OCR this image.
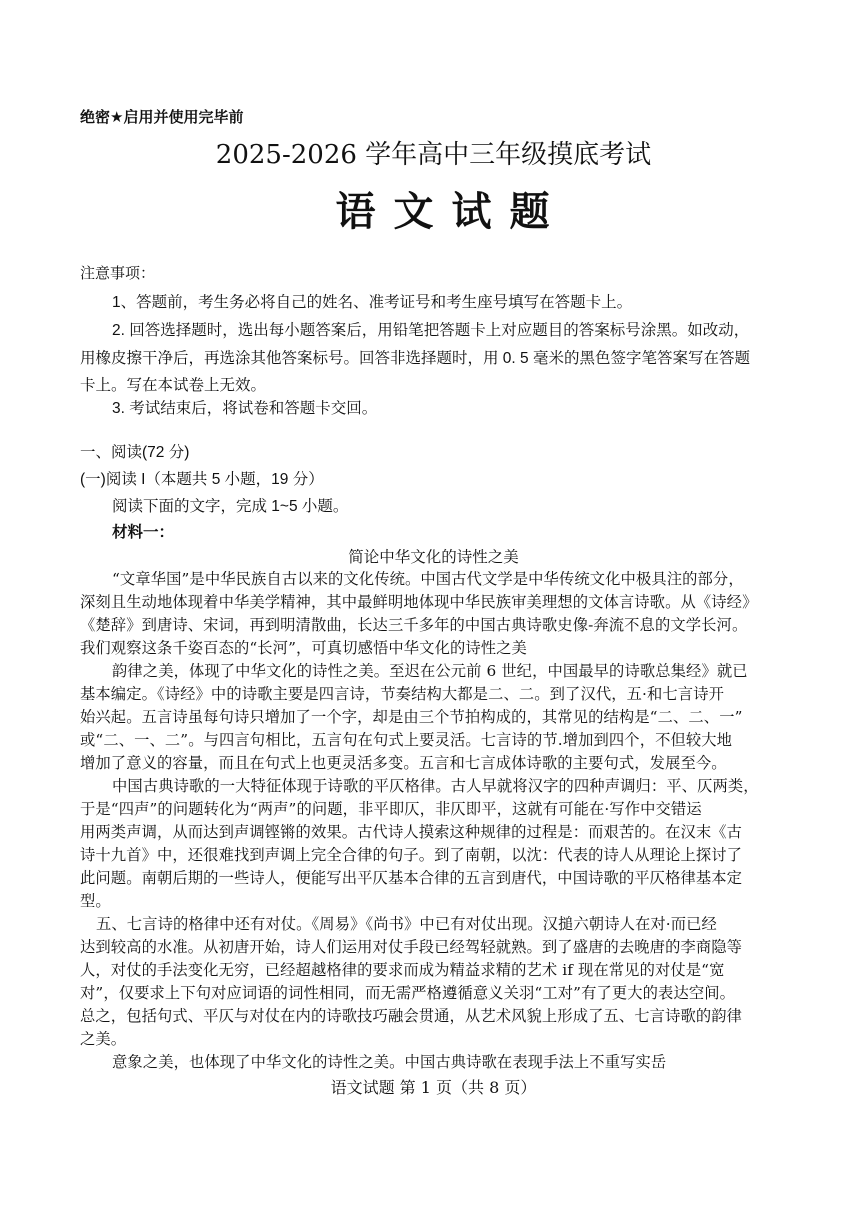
绝密★启用并使用完毕前
2025-2026 学年高中三年级摸底考试
语文试题
注意事项：
1、答题前，考生务必将自己的姓名、准考证号和考生座号填写在答题卡上。
2. 回答选择题时，选出每小题答案后，用铅笔把答题卡上对应题目的答案标号涂黑。如改动，
用橡皮擦干净后，再选涂其他答案标号。回答非选择题时，用 0. 5 毫米的黑色签字笔答案写在答题
卡上。写在本试卷上无效。
3. 考试结束后，将试卷和答题卡交回。
一、阅读(72 分)
(一)阅读 I（本题共 5 小题，19 分）
阅读下面的文字，完成 1~5 小题。
材料一：
简论中华文化的诗性之美
“文章华国”是中华民族自古以来的文化传统。中国古代文学是中华传统文化中极具注的部分，
深刻且生动地体现着中华美学精神，其中最鲜明地体现中华民族审美理想的文体言诗歌。从《诗经》
《楚辞》到唐诗、宋词，再到明清散曲，长达三千多年的中国古典诗歌史像-奔流不息的文学长河。
我们观察这条千姿百态的“长河”，可真切感悟中华文化的诗性之美
韵律之美，体现了中华文化的诗性之美。至迟在公元前 6 世纪，中国最早的诗歌总集经》就已
基本编定。《诗经》中的诗歌主要是四言诗，节奏结构大都是二、二。到了汉代，五·和七言诗开
始兴起。五言诗虽每句诗只增加了一个字，却是由三个节拍构成的，其常见的结构是“二、二、一”
或“二、一、二”。与四言句相比，五言句在句式上要灵活。七言诗的节.增加到四个，不但较大地
增加了意义的容量，而且在句式上也更灵活多变。五言和七言成体诗歌的主要句式，发展至今。
中国古典诗歌的一大特征体现于诗歌的平仄格律。古人早就将汉字的四种声调归：平、仄两类，
于是“四声”的问题转化为“两声”的问题，非平即仄，非仄即平，这就有可能在·写作中交错运
用两类声调，从而达到声调铿锵的效果。古代诗人摸索这种规律的过程是：而艰苦的。在汉末《古
诗十九首》中，还很难找到声调上完全合律的句子。到了南朝，以沈：代表的诗人从理论上探讨了
此问题。南朝后期的一些诗人，便能写出平仄基本合律的五言到唐代，中国诗歌的平仄格律基本定
型。
五、七言诗的格律中还有对仗。《周易》《尚书》中已有对仗出现。汉搥六朝诗人在对·而已经
达到较高的水准。从初唐开始，诗人们运用对仗手段已经驾轻就熟。到了盛唐的去晚唐的李商隐等
人，对仗的手法变化无穷，已经超越格律的要求而成为精益求精的艺术 if 现在常见的对仗是“宽
对”，仅要求上下句对应词语的词性相同，而无需严格遵循意义关羽“工对”有了更大的表达空间。
总之，包括句式、平仄与对仗在内的诗歌技巧融会贯通，从艺术风貌上形成了五、七言诗歌的韵律
之美。
意象之美，也体现了中华文化的诗性之美。中国古典诗歌在表现手法上不重写实岳
语文试题 第 1 页（共 8 页）
